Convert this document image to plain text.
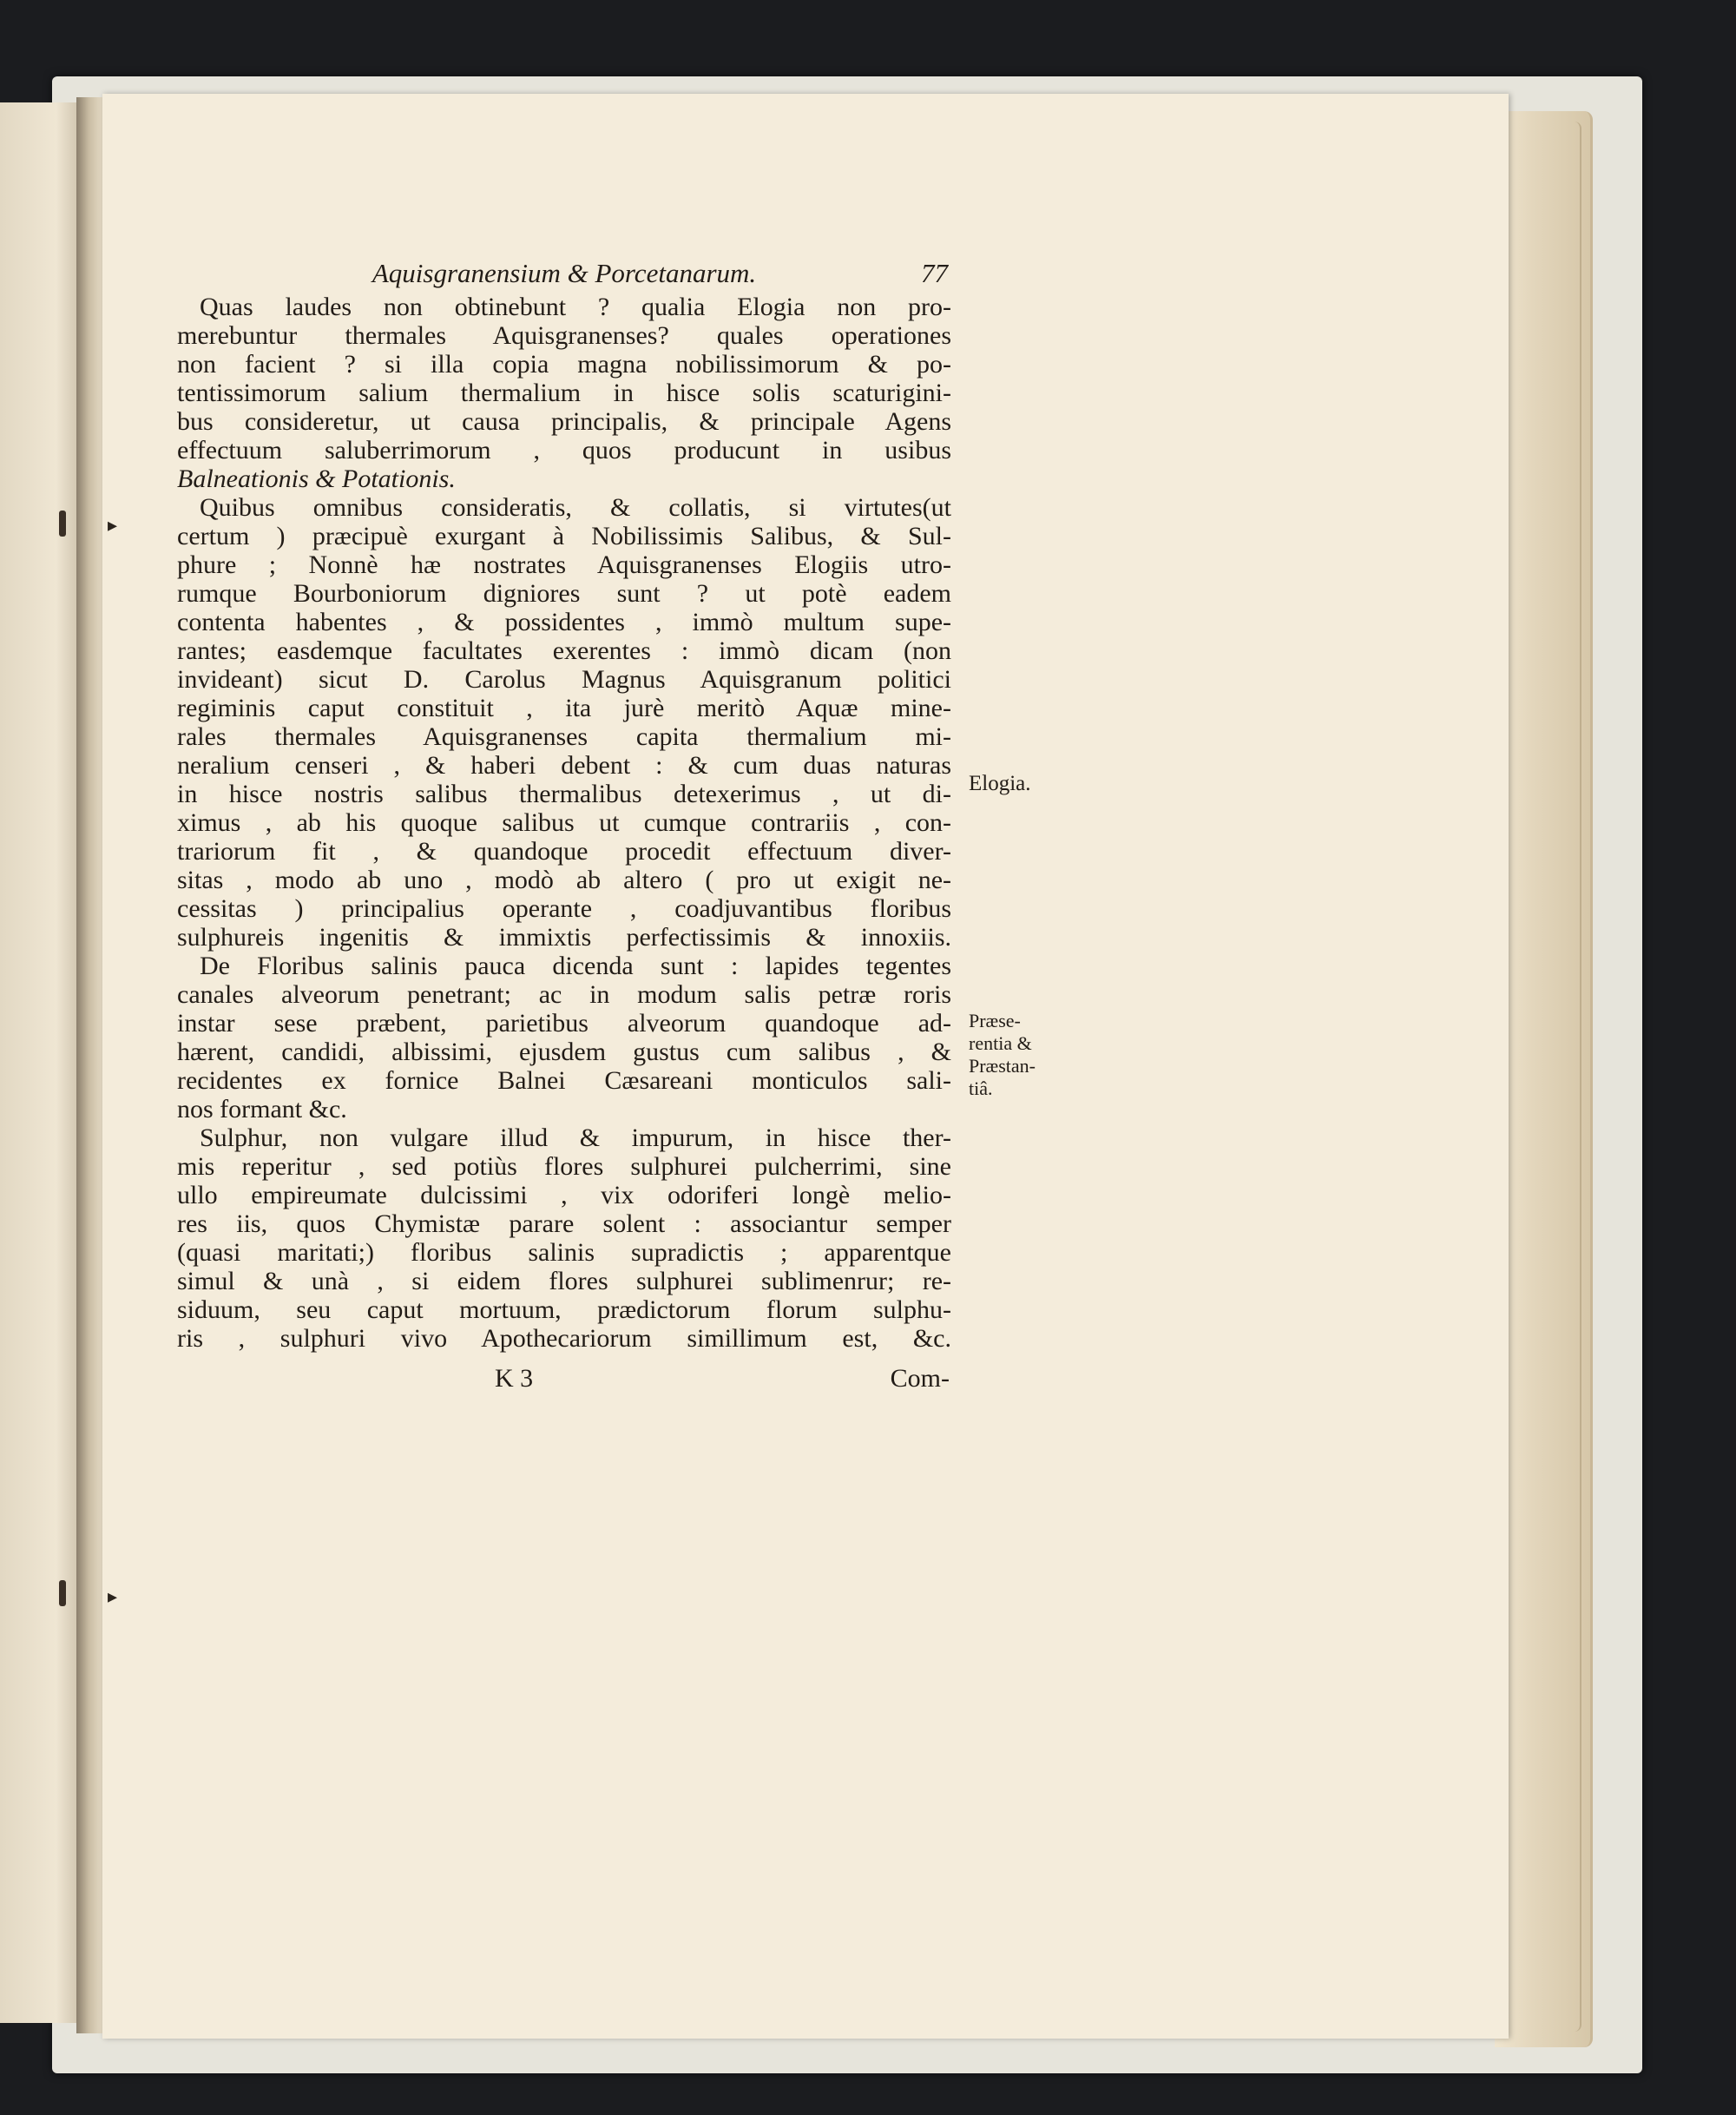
▸
▸
Aquisgranensium & Porcetanarum.	77
Quas laudes non obtinebunt ? qualia Elogia non pro-
merebuntur thermales Aquisgranenses? quales operationes
non facient ? si illa copia magna nobilissimorum & po-
tentissimorum salium thermalium in hisce solis scaturigini-
bus consideretur, ut causa principalis, & principale Agens
effectuum saluberrimorum , quos producunt in usibus
Balneationis & Potationis.
Quibus omnibus consideratis, & collatis, si virtutes(ut
certum ) præcipuè exurgant à Nobilissimis Salibus, & Sul-
phure ; Nonnè hæ nostrates Aquisgranenses Elogiis utro-
rumque Bourboniorum digniores sunt ? ut potè eadem
contenta habentes , & possidentes , immò multum supe-
rantes; easdemque facultates exerentes : immò dicam (non
invideant) sicut D. Carolus Magnus Aquisgranum politici
regiminis caput constituit , ita jurè meritò Aquæ mine-
rales thermales Aquisgranenses capita thermalium mi-
neralium censeri , & haberi debent : & cum duas naturas
in hisce nostris salibus thermalibus detexerimus , ut di-
ximus , ab his quoque salibus ut cumque contrariis , con-
trariorum fit , & quandoque procedit effectuum diver-
sitas , modo ab uno , modò ab altero ( pro ut exigit ne-
cessitas ) principalius operante , coadjuvantibus floribus
sulphureis ingenitis & immixtis perfectissimis & innoxiis.
De Floribus salinis pauca dicenda sunt : lapides tegentes
canales alveorum penetrant; ac in modum salis petræ roris
instar sese præbent, parietibus alveorum quandoque ad-
hærent, candidi, albissimi, ejusdem gustus cum salibus , &
recidentes ex fornice Balnei Cæsareani monticulos sali-
nos formant &c.
Sulphur, non vulgare illud & impurum, in hisce ther-
mis reperitur , sed potiùs flores sulphurei pulcherrimi, sine
ullo empireumate dulcissimi , vix odoriferi longè melio-
res iis, quos Chymistæ parare solent : associantur semper
(quasi maritati;) floribus salinis supradictis ; apparentque
simul & unà , si eidem flores sulphurei sublimenrur; re-
siduum, seu caput mortuum, prædictorum florum sulphu-
ris , sulphuri vivo Apothecariorum simillimum est, &c.
K 3	Com-
Elogia.
Præse-
rentia &
Præstan-
tiâ.
